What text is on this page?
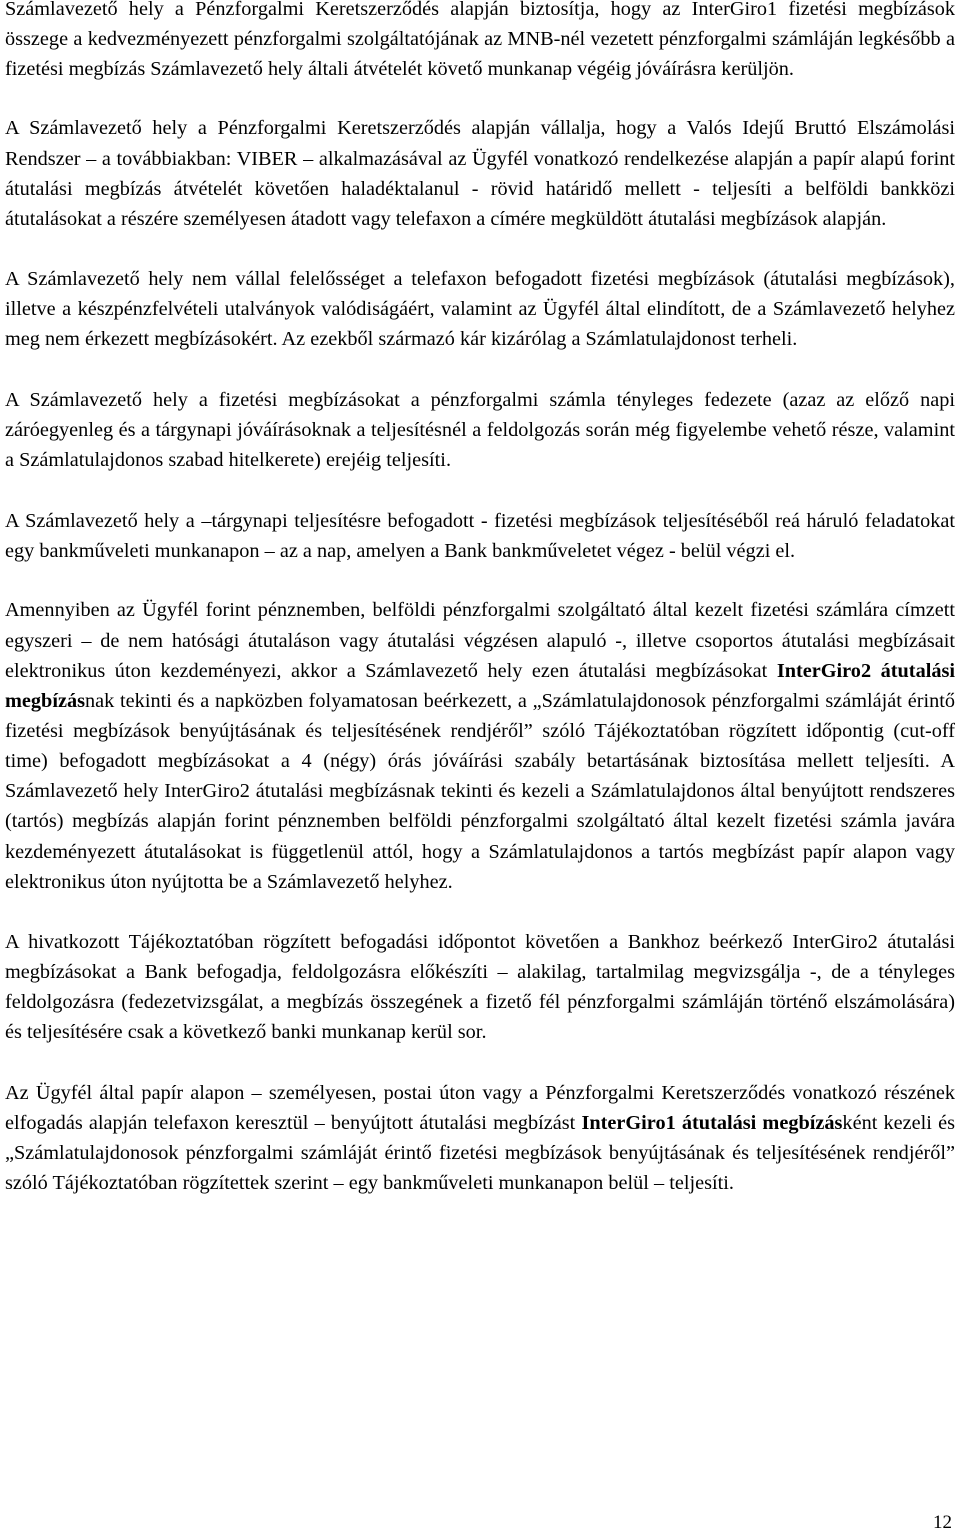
Számlavezető hely a Pénzforgalmi Keretszerződés alapján biztosítja, hogy az InterGiro1 fizetési megbízások összege a kedvezményezett pénzforgalmi szolgáltatójának az MNB-nél vezetett pénzforgalmi számláján legkésőbb a fizetési megbízás Számlavezető hely általi átvételét követő munkanap végéig jóváírásra kerüljön.

A Számlavezető hely a Pénzforgalmi Keretszerződés alapján vállalja, hogy a Valós Idejű Bruttó Elszámolási Rendszer – a továbbiakban: VIBER – alkalmazásával az Ügyfél vonatkozó rendelkezése alapján a papír alapú forint átutalási megbízás átvételét követően haladéktalanul - rövid határidő mellett - teljesíti a belföldi bankközi átutalásokat a részére személyesen átadott vagy telefaxon a címére megküldött átutalási megbízások alapján.

A Számlavezető hely nem vállal felelősséget a telefaxon befogadott fizetési megbízások (átutalási megbízások), illetve a készpénzfelvételi utalványok valódiságáért, valamint az Ügyfél által elindított, de a Számlavezető helyhez meg nem érkezett megbízásokért. Az ezekből származó kár kizárólag a Számlatulajdonost terheli.

A Számlavezető hely a fizetési megbízásokat a pénzforgalmi számla tényleges fedezete (azaz az előző napi záróegyenleg és a tárgynapi jóváírásoknak a teljesítésnél a feldolgozás során még figyelembe vehető része, valamint a Számlatulajdonos szabad hitelkerete) erejéig teljesíti.

A Számlavezető hely a –tárgynapi teljesítésre befogadott - fizetési megbízások teljesítéséből reá háruló feladatokat egy bankműveleti munkanapon – az a nap, amelyen a Bank bankműveletet végez - belül végzi el.

Amennyiben az Ügyfél forint pénznemben, belföldi pénzforgalmi szolgáltató által kezelt fizetési számlára címzett egyszeri – de nem hatósági átutaláson vagy átutalási végzésen alapuló -, illetve csoportos átutalási megbízásait elektronikus úton kezdeményezi, akkor a Számlavezető hely ezen átutalási megbízásokat InterGiro2 átutalási megbízásnak tekinti és a napközben folyamatosan beérkezett, a „Számlatulajdonosok pénzforgalmi számláját érintő fizetési megbízások benyújtásának és teljesítésének rendjéről” szóló Tájékoztatóban rögzített időpontig (cut-off time) befogadott megbízásokat a 4 (négy) órás jóváírási szabály betartásának biztosítása mellett teljesíti. A Számlavezető hely InterGiro2 átutalási megbízásnak tekinti és kezeli a Számlatulajdonos által benyújtott rendszeres (tartós) megbízás alapján forint pénznemben belföldi pénzforgalmi szolgáltató által kezelt fizetési számla javára kezdeményezett átutalásokat is függetlenül attól, hogy a Számlatulajdonos a tartós megbízást papír alapon vagy elektronikus úton nyújtotta be a Számlavezető helyhez.

A hivatkozott Tájékoztatóban rögzített befogadási időpontot követően a Bankhoz beérkező InterGiro2 átutalási megbízásokat a Bank befogadja, feldolgozásra előkészíti – alakilag, tartalmilag megvizsgálja -, de a tényleges feldolgozásra (fedezetvizsgálat, a megbízás összegének a fizető fél pénzforgalmi számláján történő elszámolására) és teljesítésére csak a következő banki munkanap kerül sor.

Az Ügyfél által papír alapon – személyesen, postai úton vagy a Pénzforgalmi Keretszerződés vonatkozó részének elfogadás alapján telefaxon keresztül – benyújtott átutalási megbízást InterGiro1 átutalási megbízásként kezeli és „Számlatulajdonosok pénzforgalmi számláját érintő fizetési megbízások benyújtásának és teljesítésének rendjéről” szóló Tájékoztatóban rögzítettek szerint – egy bankműveleti munkanapon belül – teljesíti.

12
